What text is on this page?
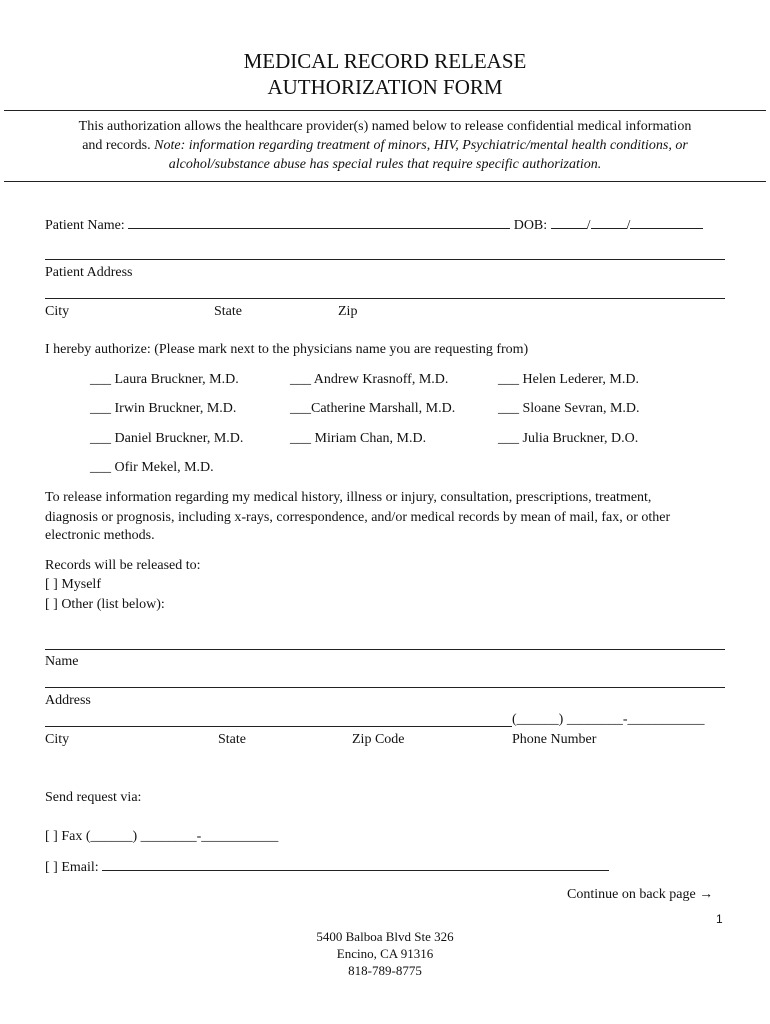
MEDICAL RECORD RELEASE
AUTHORIZATION FORM
This authorization allows the healthcare provider(s) named below to release confidential medical information
and records. Note: information regarding treatment of minors, HIV, Psychiatric/mental health conditions, or
alcohol/substance abuse has special rules that require specific authorization.
Patient Name:	DOB:	/	/
Patient Address
City	State	Zip
I hereby authorize: (Please mark next to the physicians name you are requesting from)
___ Laura Bruckner, M.D.	___ Andrew Krasnoff, M.D.	___ Helen Lederer, M.D.
___ Irwin Bruckner, M.D.	___Catherine Marshall, M.D.	___ Sloane Sevran, M.D.
___ Daniel Bruckner, M.D.	___ Miriam Chan, M.D.	___ Julia Bruckner, D.O.
___ Ofir Mekel, M.D.
To release information regarding my medical history, illness or injury, consultation, prescriptions, treatment,
diagnosis or prognosis, including x-rays, correspondence, and/or medical records by mean of mail, fax, or other
electronic methods.
Records will be released to:
[ ] Myself
[ ] Other (list below):
Name
Address
(______) ________-___________
City	State	Zip Code	Phone Number
Send request via:
[ ] Fax (______) ________-___________
[ ] Email:
Continue on back page →
1
5400 Balboa Blvd Ste 326
Encino, CA 91316
818-789-8775
